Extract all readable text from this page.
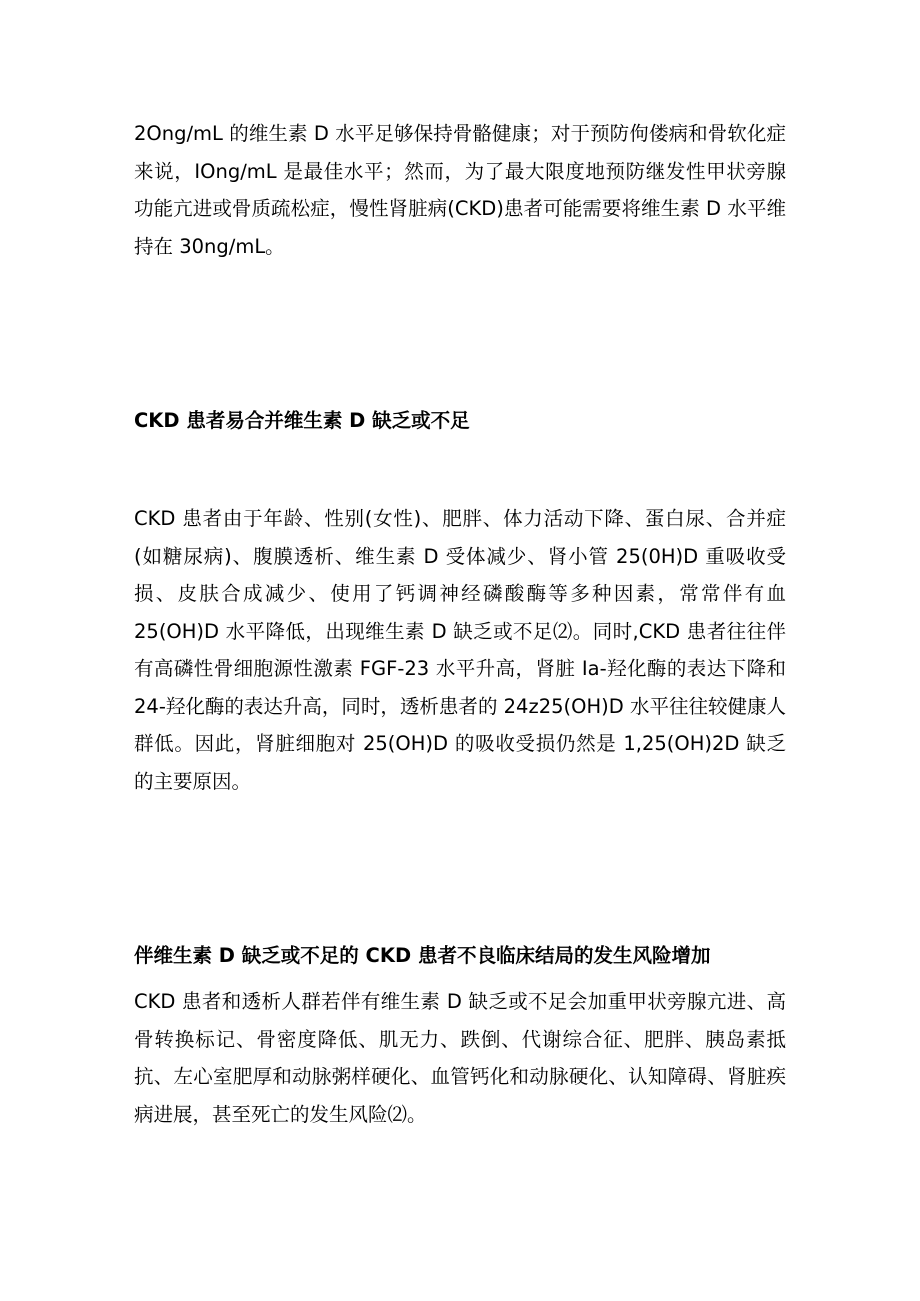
2Ong∕mL 的维生素 D 水平足够保持骨骼健康；对于预防佝偻病和骨软化症来说，IOng∕mL 是最佳水平；然而，为了最大限度地预防继发性甲状旁腺功能亢进或骨质疏松症，慢性肾脏病(CKD)患者可能需要将维生素 D 水平维持在 30ng∕mL。

CKD 患者易合并维生素 D 缺乏或不足

CKD 患者由于年龄、性别(女性)、肥胖、体力活动下降、蛋白尿、合并症(如糖尿病)、腹膜透析、维生素 D 受体减少、肾小管 25(0H)D 重吸收受损、皮肤合成减少、使用了钙调神经磷酸酶等多种因素，常常伴有血 25(OH)D 水平降低，出现维生素 D 缺乏或不足⑵。同时,CKD 患者往往伴有高磷性骨细胞源性激素 FGF-23 水平升高，肾脏 Ia-羟化酶的表达下降和 24-羟化酶的表达升高，同时，透析患者的 24z25(OH)D 水平往往较健康人群低。因此，肾脏细胞对 25(OH)D 的吸收受损仍然是 1,25(OH)2D 缺乏的主要原因。

伴维生素 D 缺乏或不足的 CKD 患者不良临床结局的发生风险增加

CKD 患者和透析人群若伴有维生素 D 缺乏或不足会加重甲状旁腺亢进、高骨转换标记、骨密度降低、肌无力、跌倒、代谢综合征、肥胖、胰岛素抵抗、左心室肥厚和动脉粥样硬化、血管钙化和动脉硬化、认知障碍、肾脏疾病进展，甚至死亡的发生风险⑵。
